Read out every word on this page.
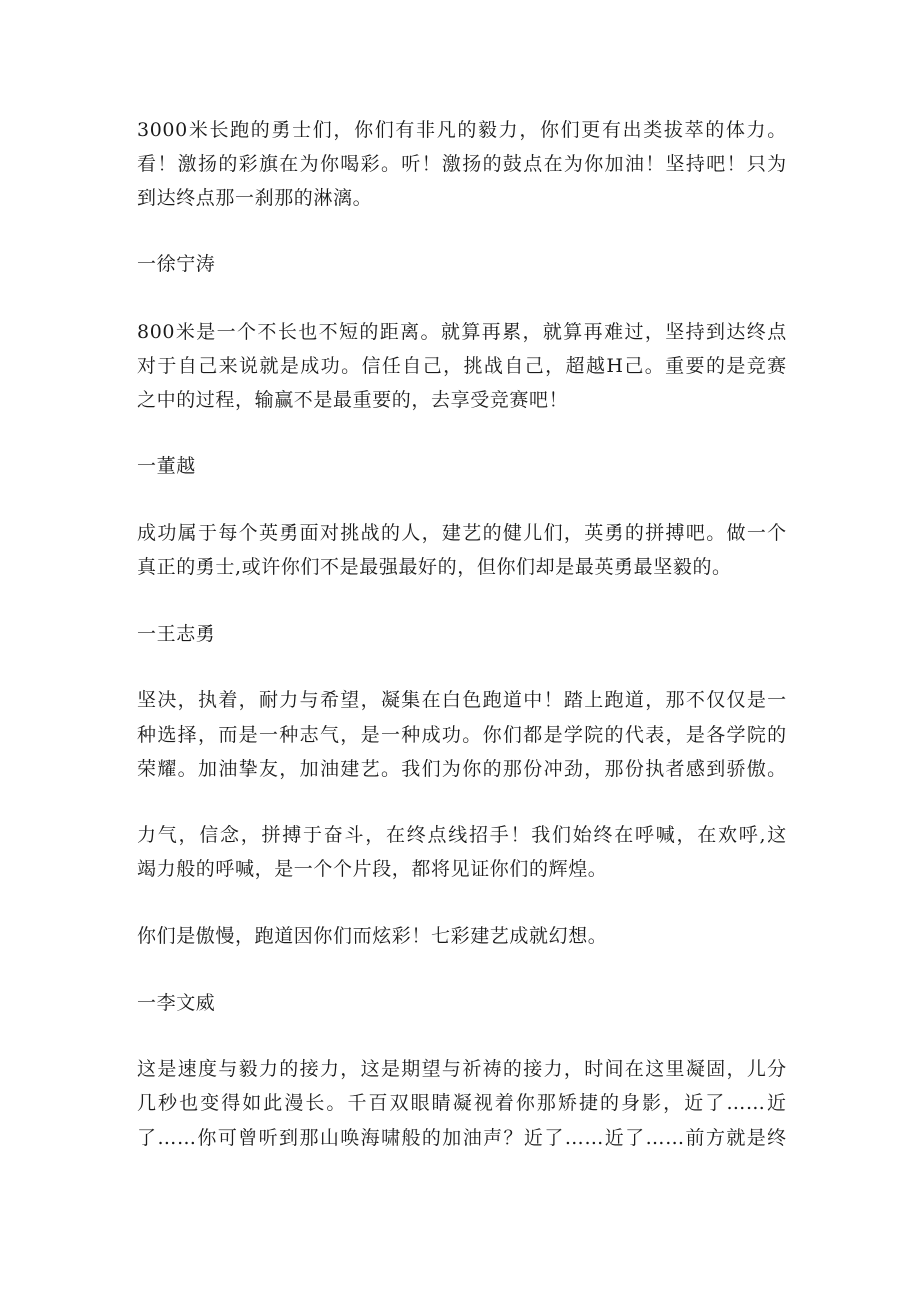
3000 米 长 跑 的 勇 士 们 ， 你 们 有 非 凡 的 毅 力 ， 你 们 更 有 出 类 拔 萃 的 体 力 。
看 ！ 激 扬 的 彩 旗 在 为 你 喝 彩 。 听 ！ 激 扬 的 鼓 点 在 为 你 加 油 ！ 坚 持 吧 ！ 只 为
到达终点那一刹那的淋漓。
一徐宁涛
800 米 是 一 个 不 长 也 不 短 的 距 离 。 就 算 再 累 ， 就 算 再 难 过 ， 坚 持 到 达 终 点
对 于 自 己 来 说 就 是 成 功 。 信 任 自 己 ， 挑 战 自 己 ， 超 越 H 己 。 重 要 的 是 竞 赛
之中的过程，输赢不是最重要的，去享受竞赛吧！
一董越
成 功 属 于 每 个 英 勇 面 对 挑 战 的 人 ， 建 艺 的 健 儿 们 ， 英 勇 的 拼 搏 吧 。 做 一 个
真正的勇士,或许你们不是最强最好的，但你们却是最英勇最坚毅的。
一王志勇
坚 决 ， 执 着 ， 耐 力 与 希 望 ， 凝 集 在 白 色 跑 道 中 ！ 踏 上 跑 道 ， 那 不 仅 仅 是 一
种 选 择 ， 而 是 一 种 志 气 ， 是 一 种 成 功 。 你 们 都 是 学 院 的 代 表 ， 是 各 学 院 的
荣 耀 。 加 油 挚 友 ， 加 油 建 艺 。 我 们 为 你 的 那 份 冲 劲 ， 那 份 执 者 感 到 骄 傲 。
力 气 ， 信 念 ， 拼 搏 于 奋 斗 ， 在 终 点 线 招 手 ！ 我 们 始 终 在 呼 喊 ， 在 欢 呼 , 这
竭力般的呼喊，是一个个片段，都将见证你们的辉煌。
你们是傲慢，跑道因你们而炫彩！七彩建艺成就幻想。
一李文威
这 是 速 度 与 毅 力 的 接 力 ， 这 是 期 望 与 祈 祷 的 接 力 ， 时 间 在 这 里 凝 固 ， 儿 分
几 秒 也 变 得 如 此 漫 长 。 千 百 双 眼 睛 凝 视 着 你 那 矫 捷 的 身 影 ， 近 了 …… 近
了 …… 你 可 曾 听 到 那 山 唤 海 啸 般 的 加 油 声 ？ 近 了 …… 近 了 …… 前 方 就 是 终
